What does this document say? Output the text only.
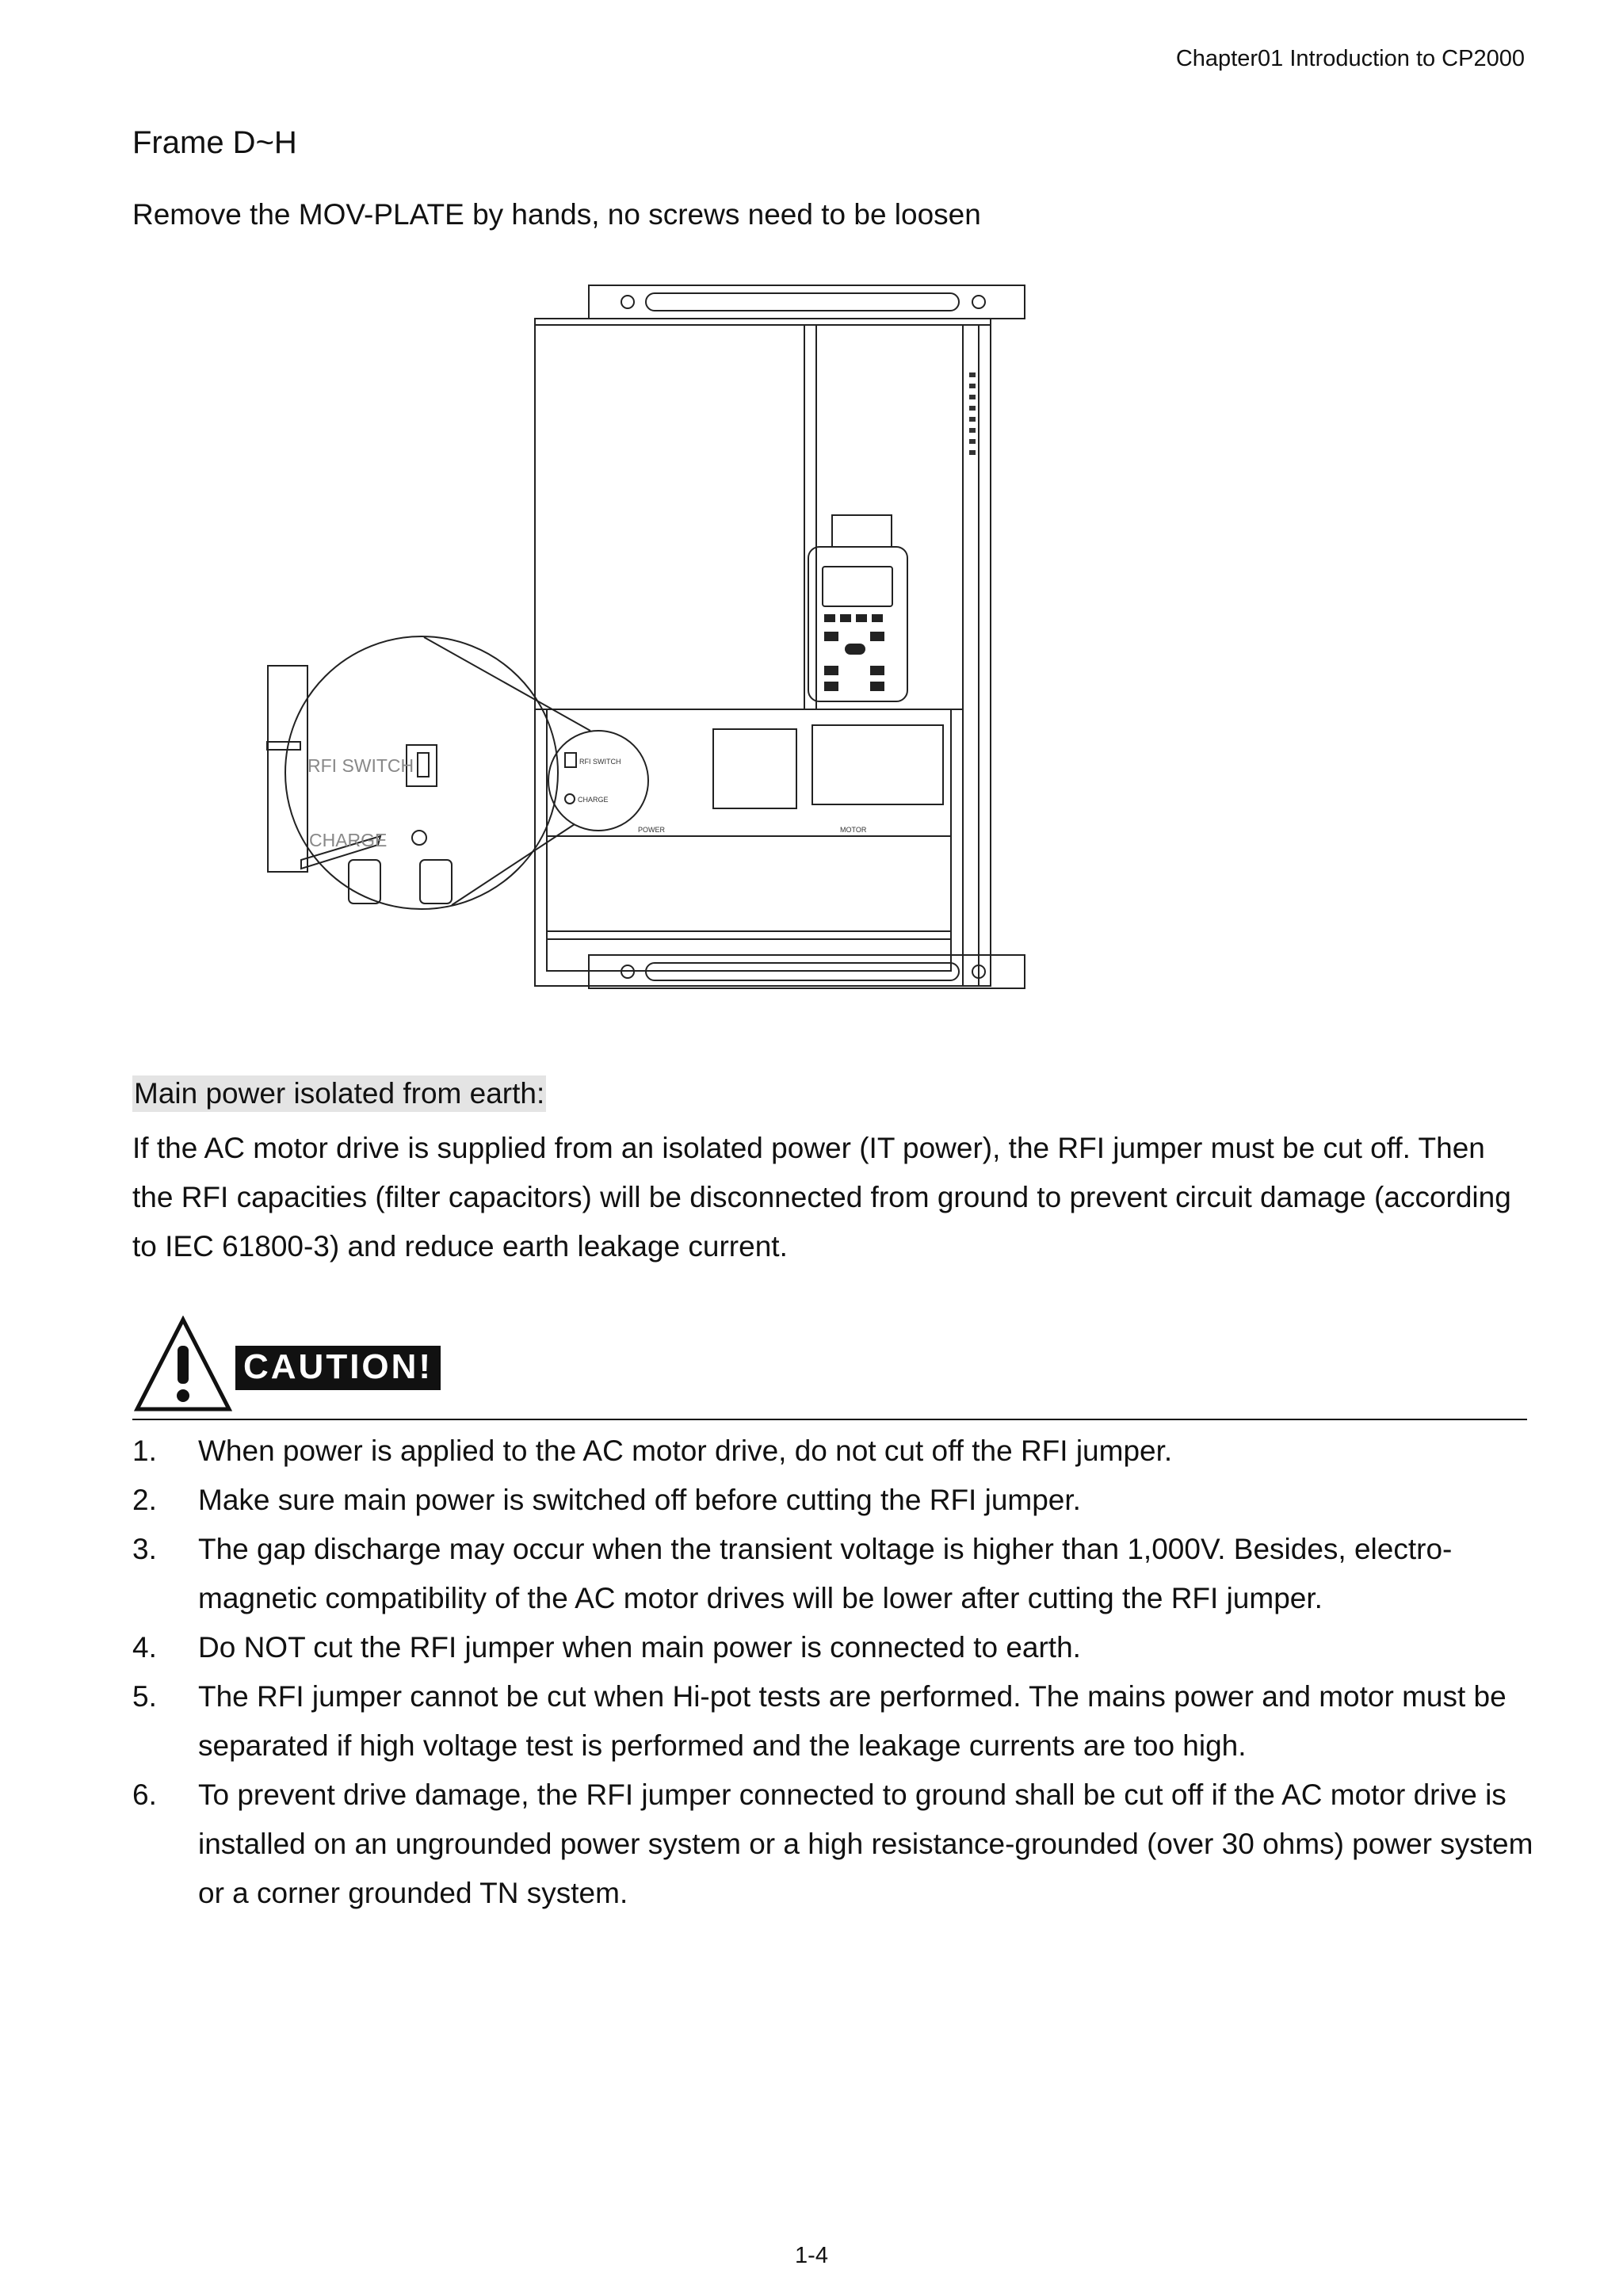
Chapter01 Introduction to CP2000
Frame D~H
Remove the MOV-PLATE by hands, no screws need to be loosen
RFI SWITCH
CHARGE
RFI SWITCH
CHARGE
POWER	MOTOR
Main power isolated from earth:
If the AC motor drive is supplied from an isolated power (IT power), the RFI jumper must be cut off. Then the RFI capacities (filter capacitors) will be disconnected from ground to prevent circuit damage (according to IEC 61800-3) and reduce earth leakage current.
CAUTION!
1. When power is applied to the AC motor drive, do not cut off the RFI jumper.
2. Make sure main power is switched off before cutting the RFI jumper.
3. The gap discharge may occur when the transient voltage is higher than 1,000V. Besides, electro-magnetic compatibility of the AC motor drives will be lower after cutting the RFI jumper.
4. Do NOT cut the RFI jumper when main power is connected to earth.
5. The RFI jumper cannot be cut when Hi-pot tests are performed. The mains power and motor must be separated if high voltage test is performed and the leakage currents are too high.
6. To prevent drive damage, the RFI jumper connected to ground shall be cut off if the AC motor drive is installed on an ungrounded power system or a high resistance-grounded (over 30 ohms) power system or a corner grounded TN system.
1-4
